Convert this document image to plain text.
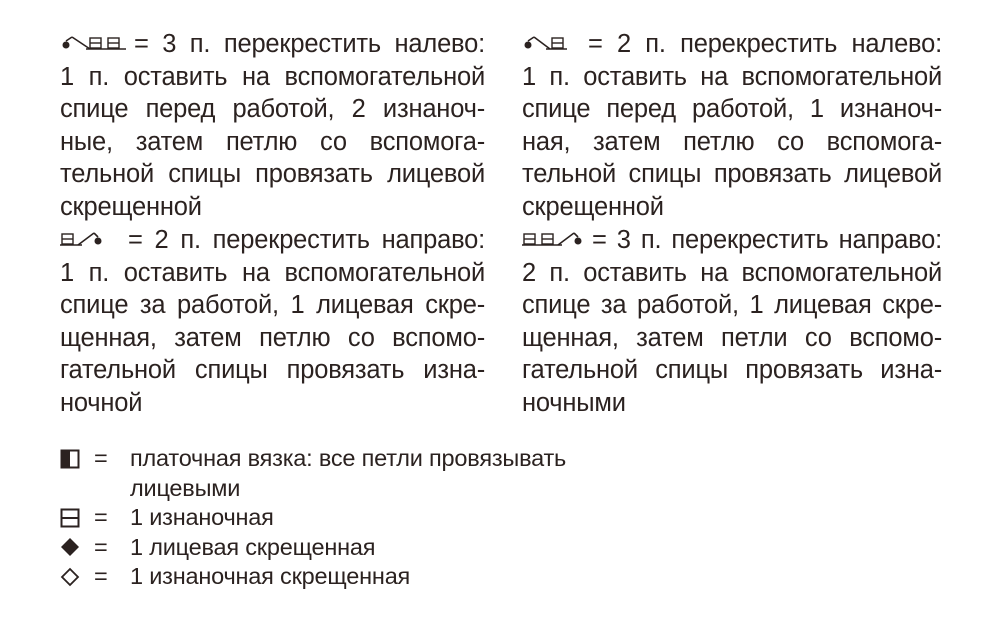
= 3 п. перекрестить налево:
1 п. оставить на вспомогательной
спице перед работой, 2 изнаноч-
ные, затем петлю со вспомога-
тельной спицы провязать лицевой
скрещенной
= 2 п. перекрестить направо:
1 п. оставить на вспомогательной
спице за работой, 1 лицевая скре-
щенная, затем петлю со вспомо-
гательной спицы провязать изна-
ночной
= 2 п. перекрестить налево:
1 п. оставить на вспомогательной
спице перед работой, 1 изнаноч-
ная, затем петлю со вспомога-
тельной спицы провязать лицевой
скрещенной
= 3 п. перекрестить направо:
2 п. оставить на вспомогательной
спице за работой, 1 лицевая скре-
щенная, затем петли со вспомо-
гательной спицы провязать изна-
ночными
= платочная вязка: все петли провязывать
лицевыми
= 1 изнаночная
= 1 лицевая скрещенная
= 1 изнаночная скрещенная
